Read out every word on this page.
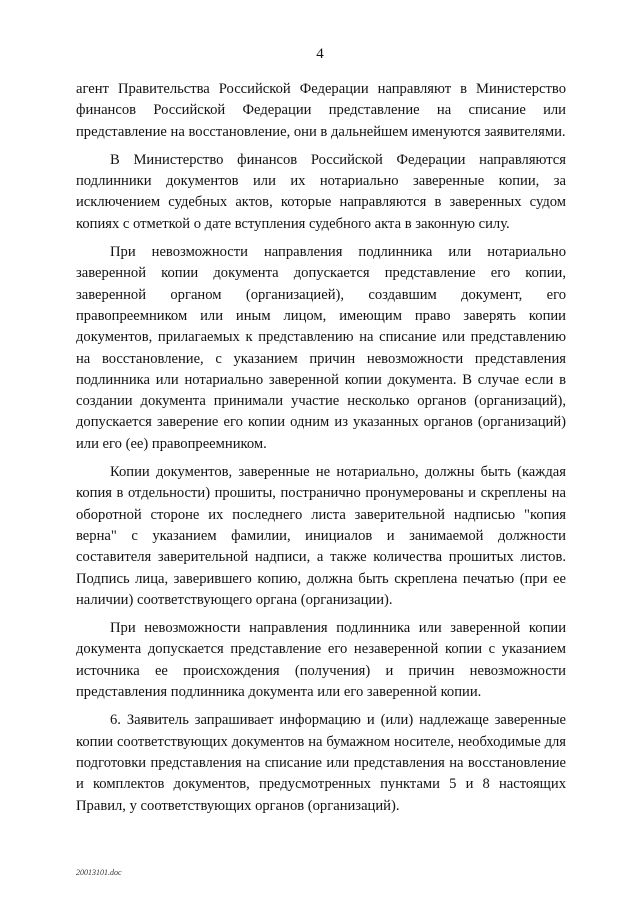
4

агент Правительства Российской Федерации направляют в Министерство финансов Российской Федерации представление на списание или представление на восстановление, они в дальнейшем именуются заявителями.

В Министерство финансов Российской Федерации направляются подлинники документов или их нотариально заверенные копии, за исключением судебных актов, которые направляются в заверенных судом копиях с отметкой о дате вступления судебного акта в законную силу.

При невозможности направления подлинника или нотариально заверенной копии документа допускается представление его копии, заверенной органом (организацией), создавшим документ, его правопреемником или иным лицом, имеющим право заверять копии документов, прилагаемых к представлению на списание или представлению на восстановление, с указанием причин невозможности представления подлинника или нотариально заверенной копии документа. В случае если в создании документа принимали участие несколько органов (организаций), допускается заверение его копии одним из указанных органов (организаций) или его (ее) правопреемником.

Копии документов, заверенные не нотариально, должны быть (каждая копия в отдельности) прошиты, постранично пронумерованы и скреплены на оборотной стороне их последнего листа заверительной надписью "копия верна" с указанием фамилии, инициалов и занимаемой должности составителя заверительной надписи, а также количества прошитых листов. Подпись лица, заверившего копию, должна быть скреплена печатью (при ее наличии) соответствующего органа (организации).

При невозможности направления подлинника или заверенной копии документа допускается представление его незаверенной копии с указанием источника ее происхождения (получения) и причин невозможности представления подлинника документа или его заверенной копии.

6. Заявитель запрашивает информацию и (или) надлежаще заверенные копии соответствующих документов на бумажном носителе, необходимые для подготовки представления на списание или представления на восстановление и комплектов документов, предусмотренных пунктами 5 и 8 настоящих Правил, у соответствующих органов (организаций).

20013101.doc
